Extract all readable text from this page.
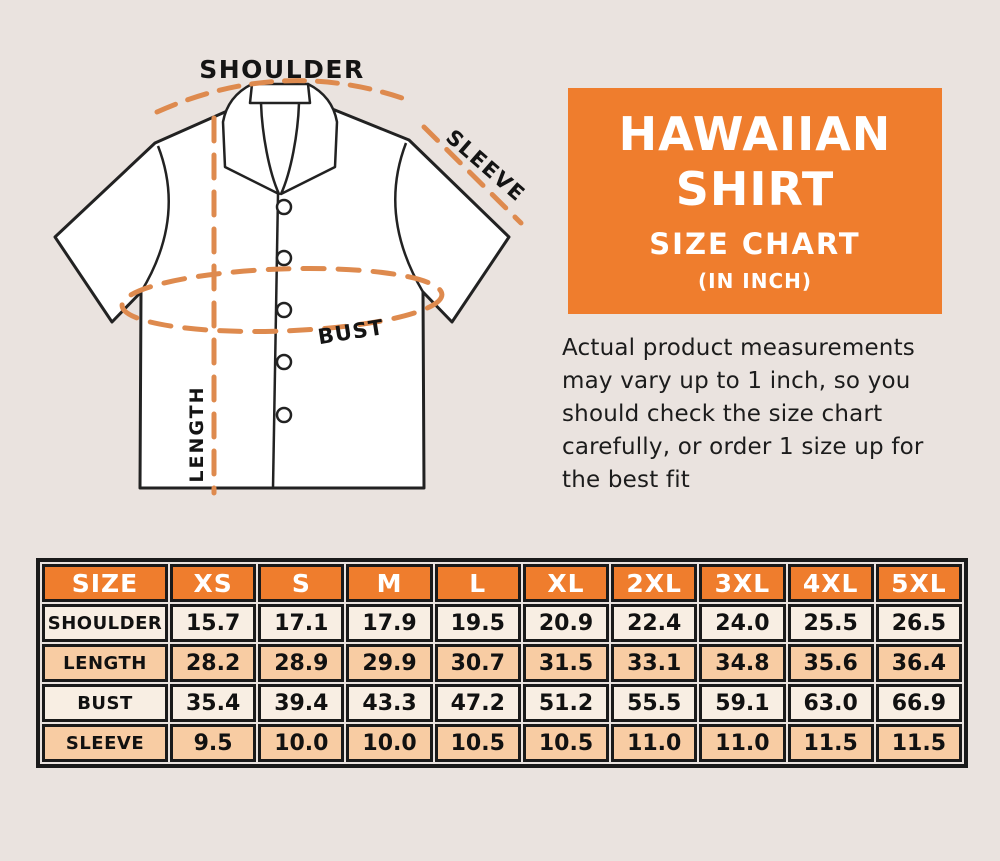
SHOULDER
SLEEVE
BUST
LENGTH
HAWAIIAN
SHIRT
SIZE CHART
(IN INCH)
Actual product measurements
may vary up to 1 inch, so you
should check the size chart
carefully, or order 1 size up for
the best fit
SIZE	XS	S	M	L	XL	2XL	3XL	4XL	5XL
SHOULDER	15.7	17.1	17.9	19.5	20.9	22.4	24.0	25.5	26.5
LENGTH	28.2	28.9	29.9	30.7	31.5	33.1	34.8	35.6	36.4
BUST	35.4	39.4	43.3	47.2	51.2	55.5	59.1	63.0	66.9
SLEEVE	9.5	10.0	10.0	10.5	10.5	11.0	11.0	11.5	11.5
